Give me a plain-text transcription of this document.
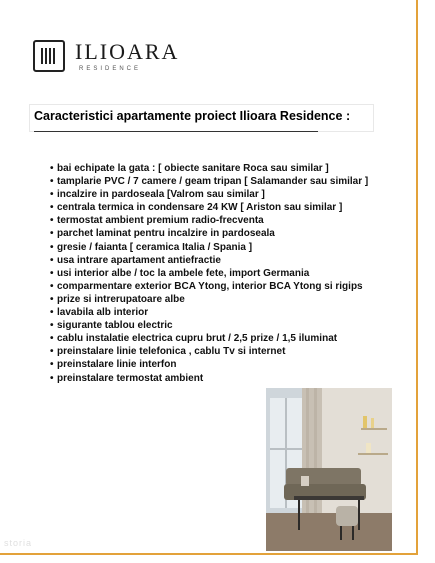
ILIOARA
RESIDENCE
Caracteristici apartamente proiect Ilioara Residence :
• bai echipate la gata : [ obiecte sanitare Roca sau similar ]
• tamplarie PVC / 7 camere / geam tripan [ Salamander sau similar ]
• incalzire in pardoseala [Valrom sau similar ]
• centrala termica in condensare 24 KW [ Ariston sau similar ]
• termostat ambient premium radio-frecventa
• parchet laminat pentru incalzire in pardoseala
• gresie / faianta [ ceramica Italia / Spania ]
• usa intrare apartament antiefractie
• usi interior albe / toc la ambele fete, import Germania
• comparmentare exterior BCA Ytong, interior BCA Ytong si rigips
• prize si intrerupatoare albe
• lavabila alb interior
• sigurante tablou electric
• cablu instalatie electrica cupru brut / 2,5 prize / 1,5 iluminat
• preinstalare linie telefonica , cablu Tv si internet
• preinstalare linie interfon
• preinstalare termostat ambient
storia
